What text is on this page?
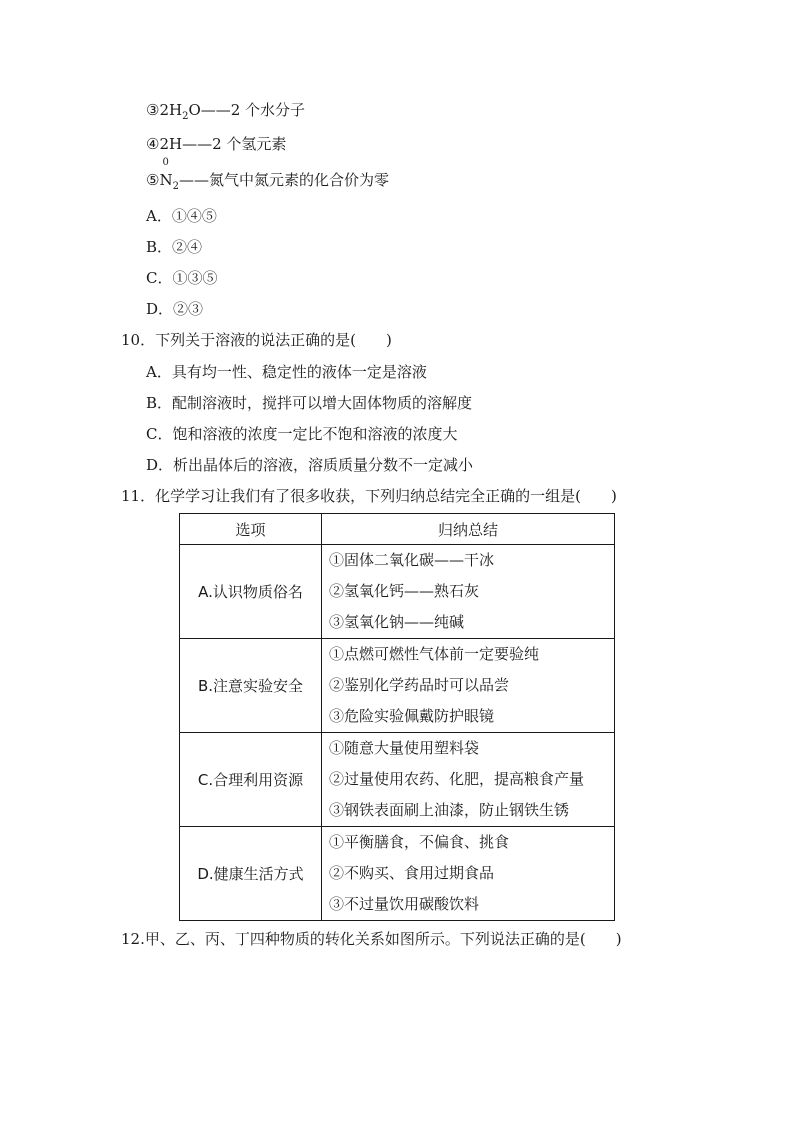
$③2H_2O——2$ 个水分子
④2H——2 个氢元素
⑤
0
$N_2——$氮气中氮元素的化合价为零
A．①④⑤
B．②④
C．①③⑤
D．②③
10．下列关于溶液的说法正确的是(　　)
A．具有均一性、稳定性的液体一定是溶液
B．配制溶液时，搅拌可以增大固体物质的溶解度
C．饱和溶液的浓度一定比不饱和溶液的浓度大
D．析出晶体后的溶液，溶质质量分数不一定减小
11．化学学习让我们有了很多收获，下列归纳总结完全正确的一组是(　　)
选项	归纳总结
A.认识物质俗名	①固体二氧化碳——干冰
②氢氧化钙——熟石灰
③氢氧化钠——纯碱

B.注意实验安全	①点燃可燃性气体前一定要验纯
②鉴别化学药品时可以品尝
③危险实验佩戴防护眼镜

C.合理利用资源	①随意大量使用塑料袋
②过量使用农药、化肥，提高粮食产量
③钢铁表面刷上油漆，防止钢铁生锈

D.健康生活方式	①平衡膳食，不偏食、挑食
②不购买、食用过期食品
③不过量饮用碳酸饮料
12.甲、乙、丙、丁四种物质的转化关系如图所示。下列说法正确的是(　　)
